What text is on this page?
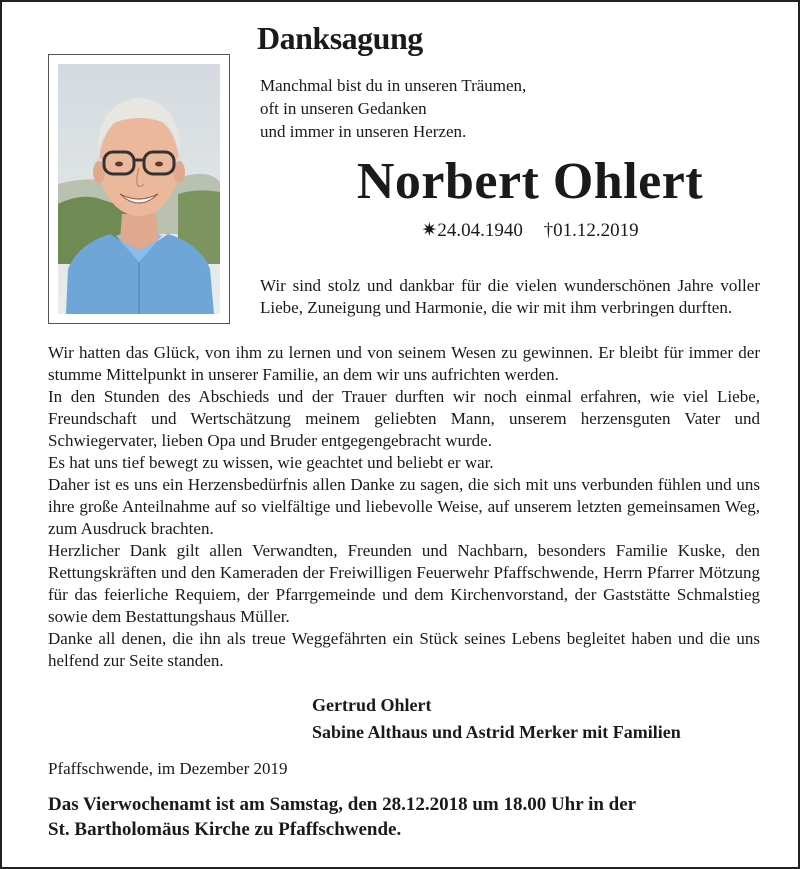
Danksagung
Manchmal bist du in unseren Träumen,
oft in unseren Gedanken
und immer in unseren Herzen.
Norbert Ohlert
✷24.04.1940 †01.12.2019
Wir sind stolz und dankbar für die vielen wunderschönen Jahre voller Liebe, Zuneigung und Harmonie, die wir mit ihm verbringen durften.

Wir hatten das Glück, von ihm zu lernen und von seinem Wesen zu gewinnen. Er bleibt für immer der stumme Mittelpunkt in unserer Familie, an dem wir uns aufrichten werden.

In den Stunden des Abschieds und der Trauer durften wir noch einmal erfahren, wie viel Liebe, Freundschaft und Wertschätzung meinem geliebten Mann, unserem herzensguten Vater und Schwiegervater, lieben Opa und Bruder entgegengebracht wurde.

Es hat uns tief bewegt zu wissen, wie geachtet und beliebt er war.

Daher ist es uns ein Herzensbedürfnis allen Danke zu sagen, die sich mit uns verbunden fühlen und uns ihre große Anteilnahme auf so vielfältige und liebevolle Weise, auf unserem letzten gemeinsamen Weg, zum Ausdruck brachten.

Herzlicher Dank gilt allen Verwandten, Freunden und Nachbarn, besonders Familie Kuske, den Rettungskräften und den Kameraden der Freiwilligen Feuerwehr Pfaffschwende, Herrn Pfarrer Mötzung für das feierliche Requiem, der Pfarrgemeinde und dem Kirchenvorstand, der Gaststätte Schmalstieg sowie dem Bestattungshaus Müller.

Danke all denen, die ihn als treue Weggefährten ein Stück seines Lebens begleitet haben und die uns helfend zur Seite standen.

Gertrud Ohlert
Sabine Althaus und Astrid Merker mit Familien
Pfaffschwende, im Dezember 2019
Das Vierwochenamt ist am Samstag, den 28.12.2018 um 18.00 Uhr in der
St. Bartholomäus Kirche zu Pfaffschwende.
